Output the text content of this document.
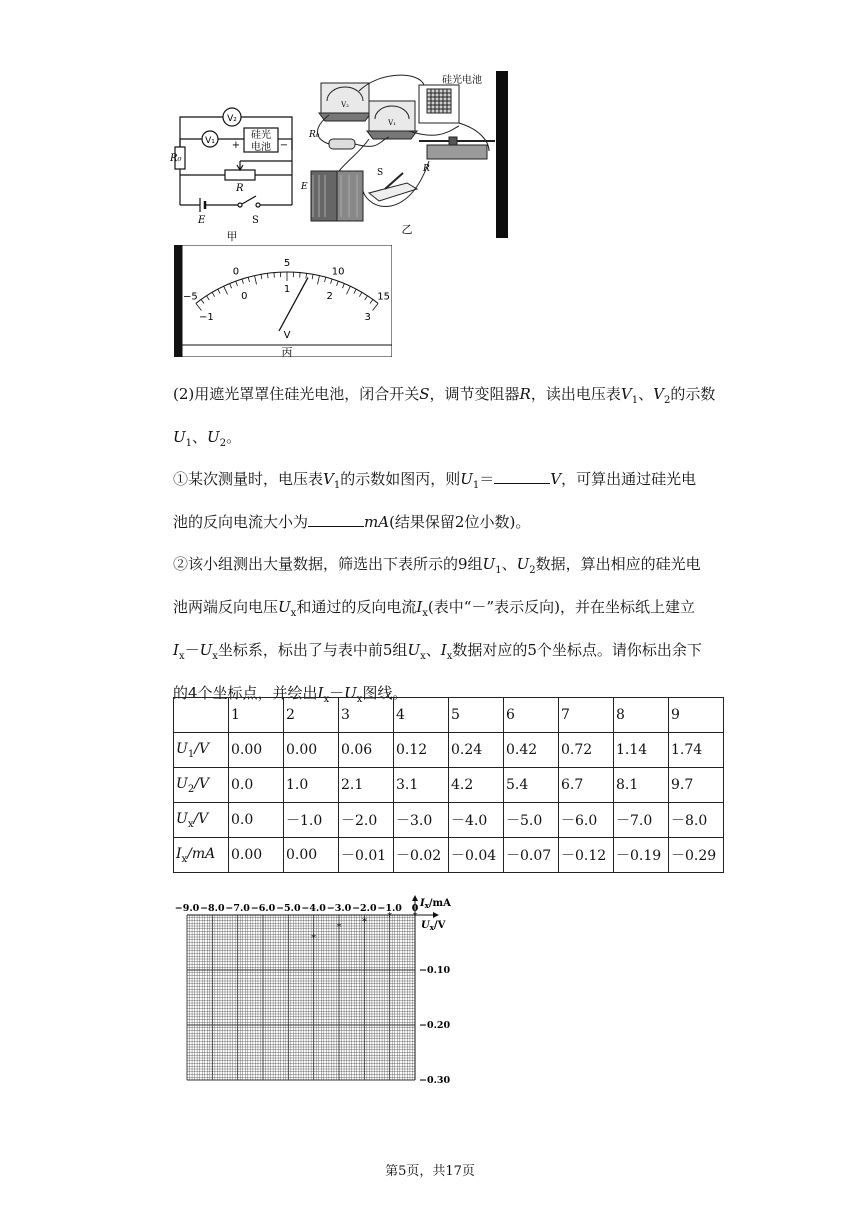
V₂
V₁	硅光
电池
+	−
R₀
R
E	S
甲
硅光电池
R₀
E
S	R
V₂
V₁
乙
−5
0
5
10
15
−1
0
1
2
3
V
丙
(2)用遮光罩罩住硅光电池，闭合开关S，调节变阻器R，读出电压表$V_1$、$V_2$的示数
$U_1$、$U_2$。
①某次测量时，电压表$V_1$的示数如图丙，则$U_1=$	V，可算出通过硅光电
池的反向电流大小为	mA(结果保留2位小数)。
②该小组测出大量数据，筛选出下表所示的9组$U_1$、$U_2$数据，算出相应的硅光电
池两端反向电压$U_x$和通过的反向电流$I_x$(表中“－”表示反向)，并在坐标纸上建立
$I_x-U_x$坐标系，标出了与表中前5组$U_x$、$I_x$数据对应的5个坐标点。请你标出余下
的4个坐标点，并绘出$I_x-U_x$图线。
	1	2	3	4	5	6	7	8	9
$U_1/V$	0.00	0.00	0.06	0.12	0.24	0.42	0.72	1.14	1.74
$U_2/V$	0.0	1.0	2.1	3.1	4.2	5.4	6.7	8.1	9.7
$U_x/V$	0.0	－1.0	－2.0	－3.0	－4.0	－5.0	－6.0	－7.0	－8.0
$I_x/mA$	0.00	0.00	－0.01	－0.02	－0.04	－0.07	－0.12	－0.19	－0.29
−9.0 −8.0 −7.0 −6.0 −5.0 −4.0 −3.0 −2.0 −1.0 0
−0.10
−0.20
−0.30
$I_x/mA$
$U_x/V$
*
*
*
*
*
第5页，共17页
